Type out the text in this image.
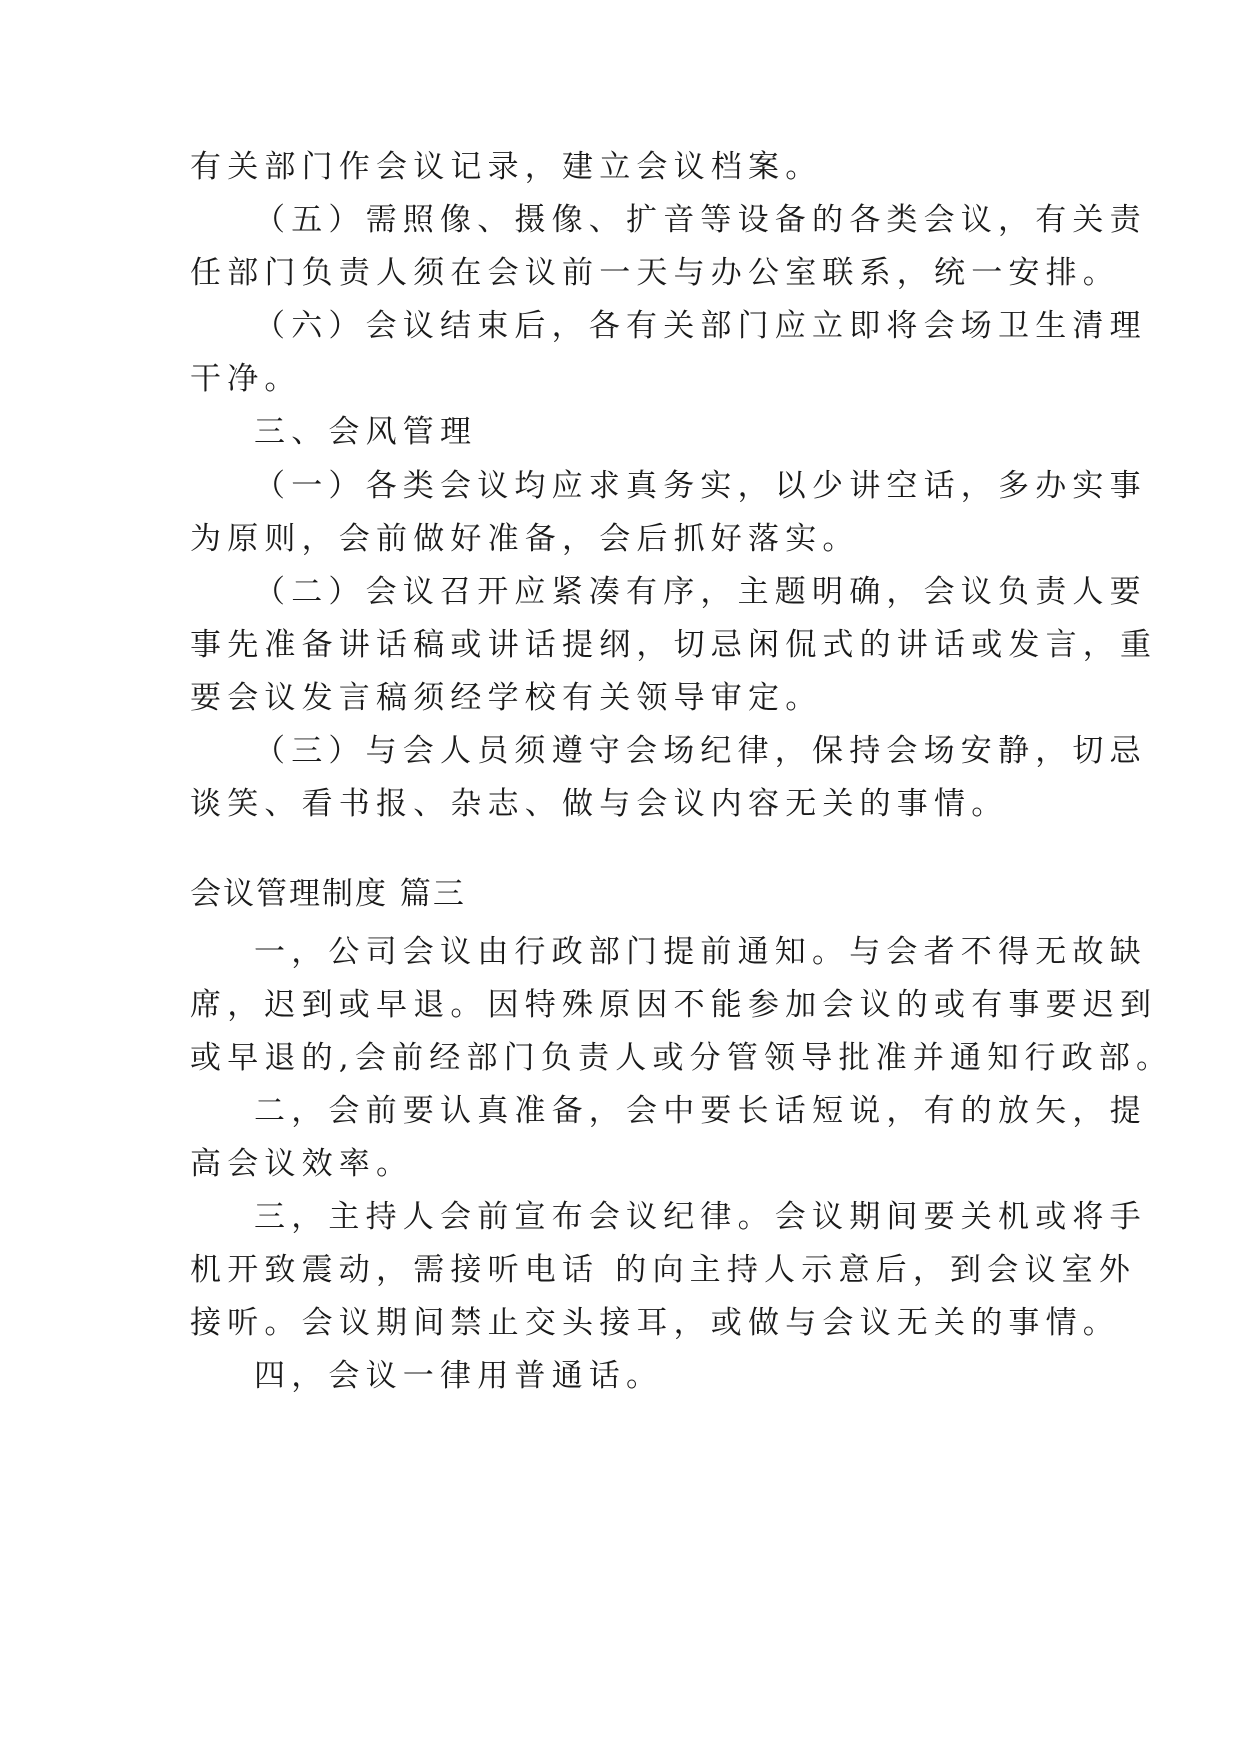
有关部门作会议记录，建立会议档案。
（五）需照像、摄像、扩音等设备的各类会议，有关责
任部门负责人须在会议前一天与办公室联系，统一安排。
（六）会议结束后，各有关部门应立即将会场卫生清理
干净。
三、会风管理
（一）各类会议均应求真务实，以少讲空话，多办实事
为原则，会前做好准备，会后抓好落实。
（二）会议召开应紧凑有序，主题明确，会议负责人要
事先准备讲话稿或讲话提纲，切忌闲侃式的讲话或发言，重
要会议发言稿须经学校有关领导审定。
（三）与会人员须遵守会场纪律，保持会场安静，切忌
谈笑、看书报、杂志、做与会议内容无关的事情。
会议管理制度 篇三
一，公司会议由行政部门提前通知。与会者不得无故缺
席，迟到或早退。因特殊原因不能参加会议的或有事要迟到
或早退的,会前经部门负责人或分管领导批准并通知行政部。
二，会前要认真准备，会中要长话短说，有的放矢，提
高会议效率。
三，主持人会前宣布会议纪律。会议期间要关机或将手
机开致震动，需接听电话 的向主持人示意后，到会议室外
接听。会议期间禁止交头接耳，或做与会议无关的事情。
四，会议一律用普通话。
